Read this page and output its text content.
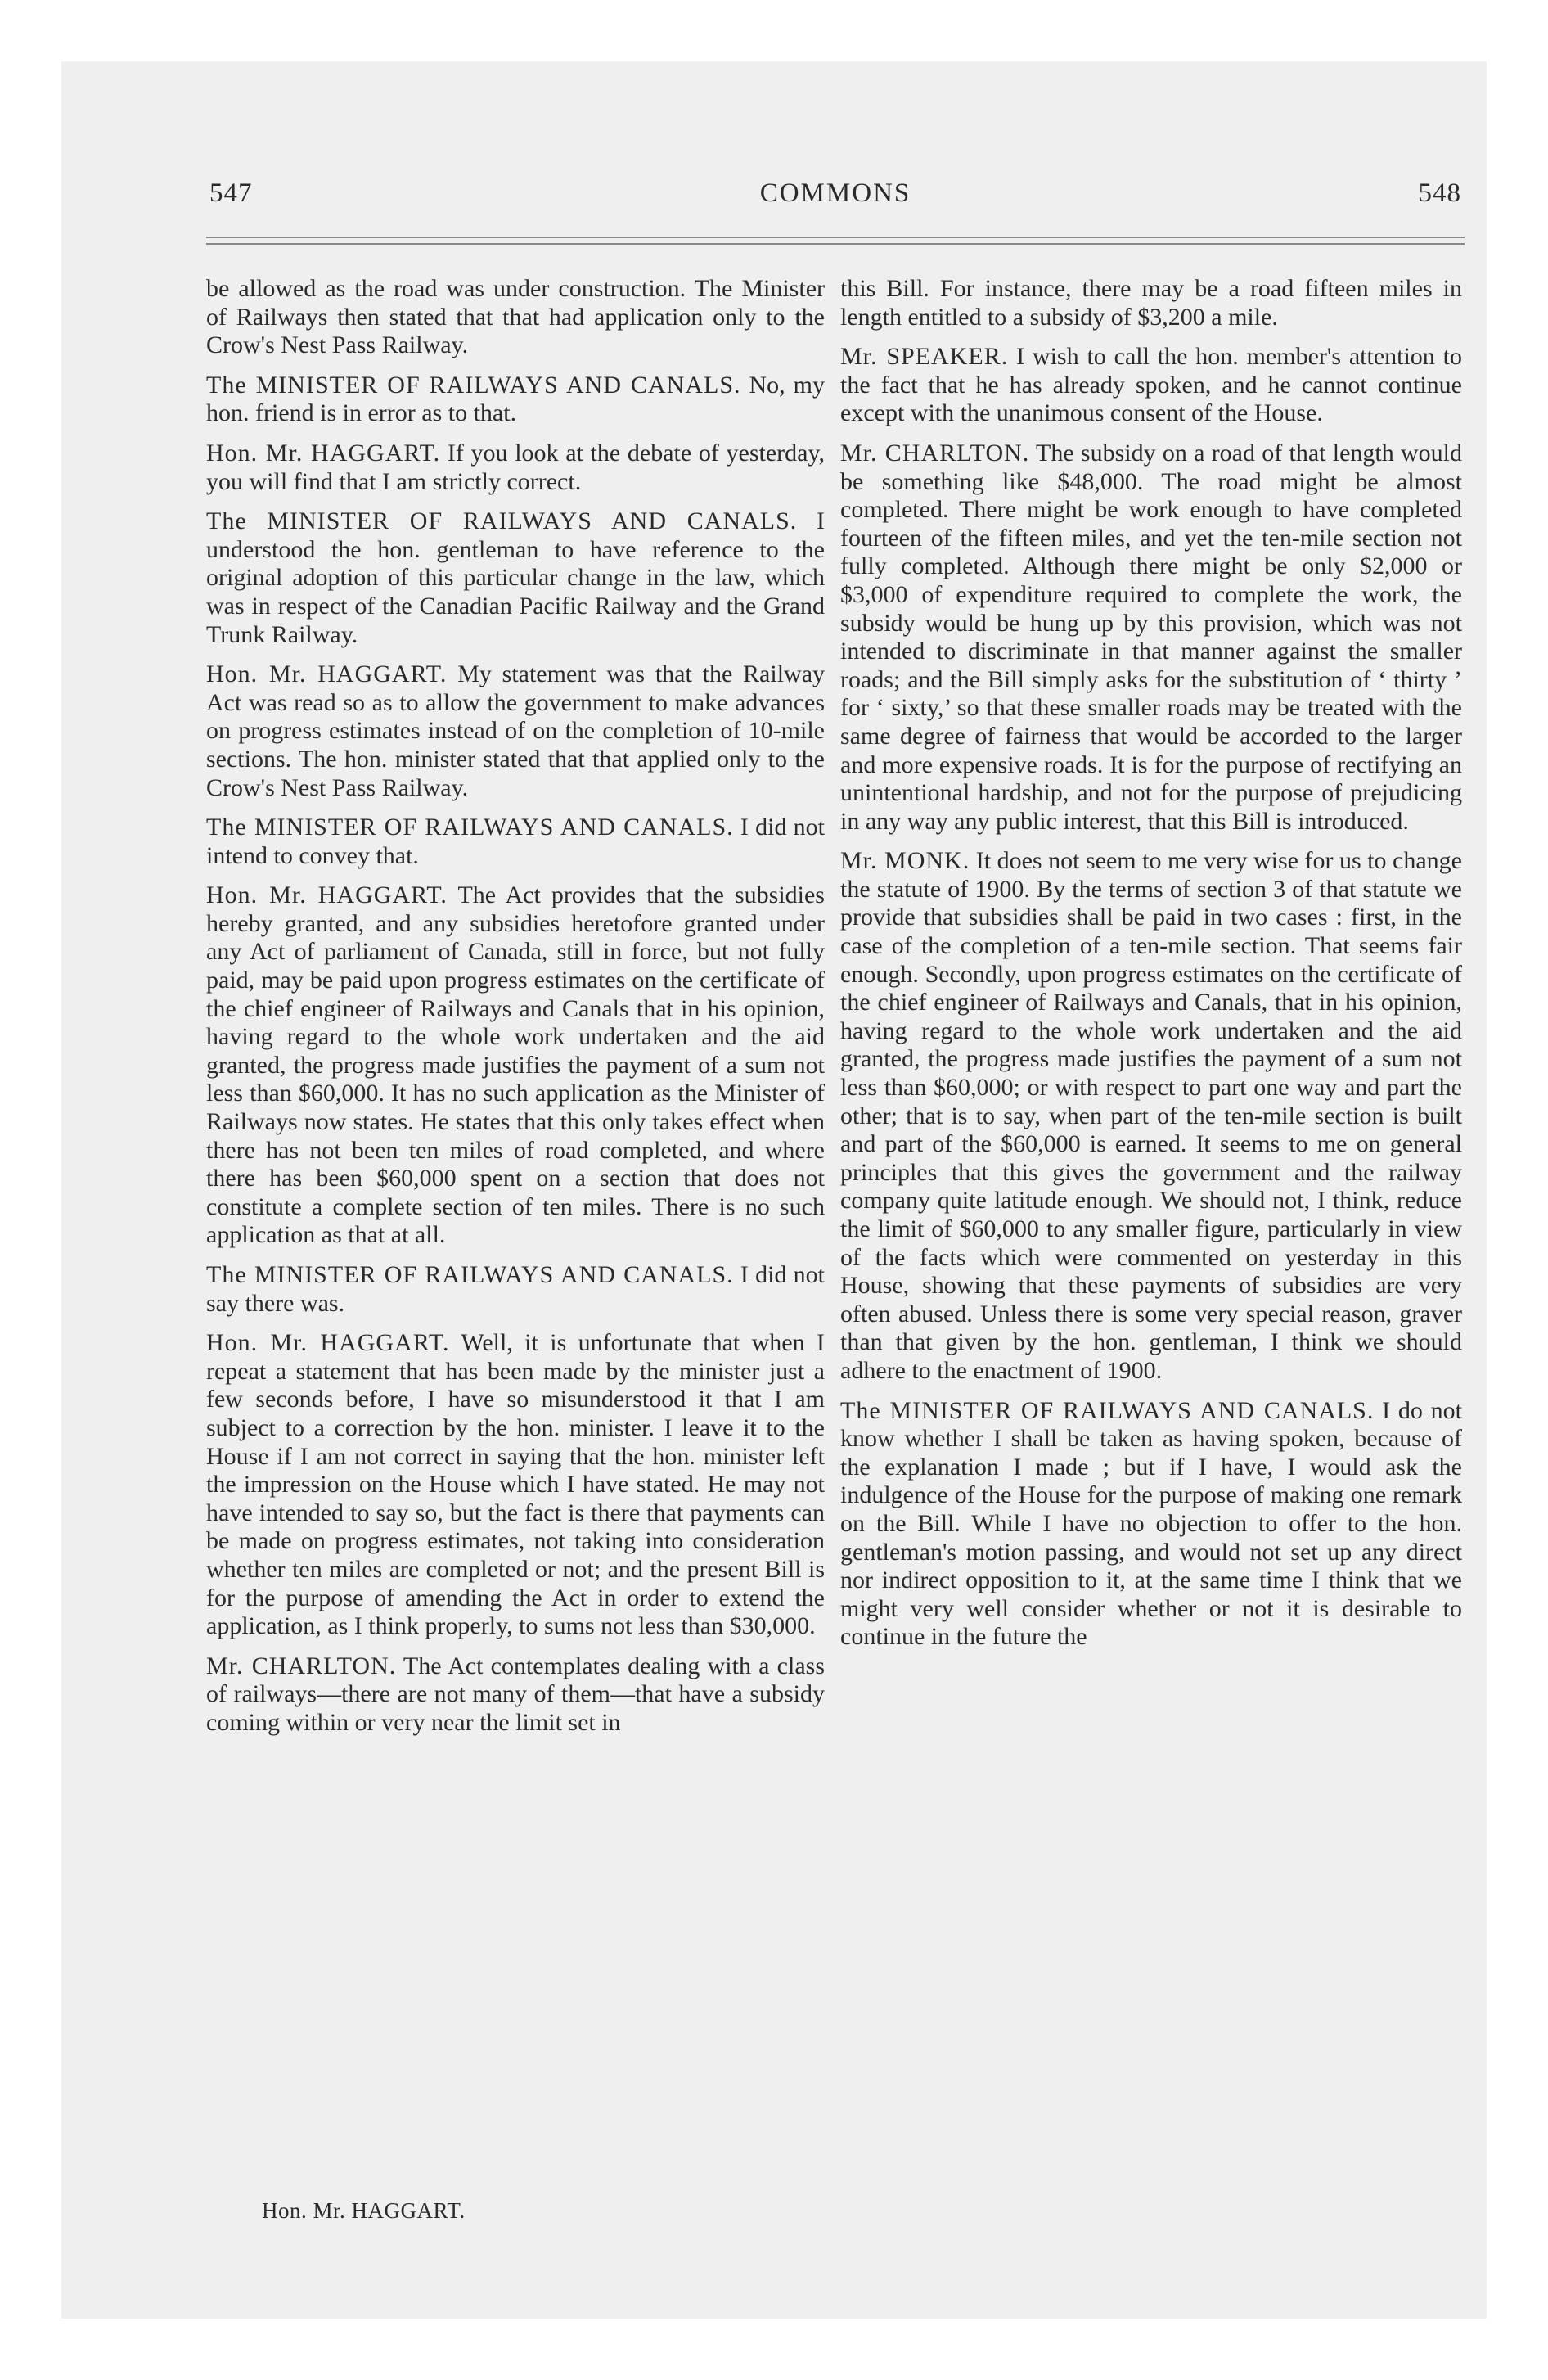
COMMONS
547	548

be allowed as the road was under construction. The Minister of Railways then stated that that had application only to the Crow's Nest Pass Railway.

The MINISTER OF RAILWAYS AND CANALS. No, my hon. friend is in error as to that.

Hon. Mr. HAGGART. If you look at the debate of yesterday, you will find that I am strictly correct.

The MINISTER OF RAILWAYS AND CANALS. I understood the hon. gentleman to have reference to the original adoption of this particular change in the law, which was in respect of the Canadian Pacific Railway and the Grand Trunk Railway.

Hon. Mr. HAGGART. My statement was that the Railway Act was read so as to allow the government to make advances on progress estimates instead of on the completion of 10-mile sections. The hon. minister stated that that applied only to the Crow's Nest Pass Railway.

The MINISTER OF RAILWAYS AND CANALS. I did not intend to convey that.

Hon. Mr. HAGGART. The Act provides that the subsidies hereby granted, and any subsidies heretofore granted under any Act of parliament of Canada, still in force, but not fully paid, may be paid upon progress estimates on the certificate of the chief engineer of Railways and Canals that in his opinion, having regard to the whole work undertaken and the aid granted, the progress made justifies the payment of a sum not less than $60,000. It has no such application as the Minister of Railways now states. He states that this only takes effect when there has not been ten miles of road completed, and where there has been $60,000 spent on a section that does not constitute a complete section of ten miles. There is no such application as that at all.

The MINISTER OF RAILWAYS AND CANALS. I did not say there was.

Hon. Mr. HAGGART. Well, it is unfortunate that when I repeat a statement that has been made by the minister just a few seconds before, I have so misunderstood it that I am subject to a correction by the hon. minister. I leave it to the House if I am not correct in saying that the hon. minister left the impression on the House which I have stated. He may not have intended to say so, but the fact is there that payments can be made on progress estimates, not taking into consideration whether ten miles are completed or not; and the present Bill is for the purpose of amending the Act in order to extend the application, as I think properly, to sums not less than $30,000.

Mr. CHARLTON. The Act contemplates dealing with a class of railways—there are not many of them—that have a subsidy coming within or very near the limit set in

this Bill. For instance, there may be a road fifteen miles in length entitled to a subsidy of $3,200 a mile.

Mr. SPEAKER. I wish to call the hon. member's attention to the fact that he has already spoken, and he cannot continue except with the unanimous consent of the House.

Mr. CHARLTON. The subsidy on a road of that length would be something like $48,000. The road might be almost completed. There might be work enough to have completed fourteen of the fifteen miles, and yet the ten-mile section not fully completed. Although there might be only $2,000 or $3,000 of expenditure required to complete the work, the subsidy would be hung up by this provision, which was not intended to discriminate in that manner against the smaller roads; and the Bill simply asks for the substitution of ‘ thirty ’ for ‘ sixty,’ so that these smaller roads may be treated with the same degree of fairness that would be accorded to the larger and more expensive roads. It is for the purpose of rectifying an unintentional hardship, and not for the purpose of prejudicing in any way any public interest, that this Bill is introduced.

Mr. MONK. It does not seem to me very wise for us to change the statute of 1900. By the terms of section 3 of that statute we provide that subsidies shall be paid in two cases : first, in the case of the completion of a ten-mile section. That seems fair enough. Secondly, upon progress estimates on the certificate of the chief engineer of Railways and Canals, that in his opinion, having regard to the whole work undertaken and the aid granted, the progress made justifies the payment of a sum not less than $60,000; or with respect to part one way and part the other; that is to say, when part of the ten-mile section is built and part of the $60,000 is earned. It seems to me on general principles that this gives the government and the railway company quite latitude enough. We should not, I think, reduce the limit of $60,000 to any smaller figure, particularly in view of the facts which were commented on yesterday in this House, showing that these payments of subsidies are very often abused. Unless there is some very special reason, graver than that given by the hon. gentleman, I think we should adhere to the enactment of 1900.

The MINISTER OF RAILWAYS AND CANALS. I do not know whether I shall be taken as having spoken, because of the explanation I made ; but if I have, I would ask the indulgence of the House for the purpose of making one remark on the Bill. While I have no objection to offer to the hon. gentleman's motion passing, and would not set up any direct nor indirect opposition to it, at the same time I think that we might very well consider whether or not it is desirable to continue in the future the

Hon. Mr. HAGGART.
